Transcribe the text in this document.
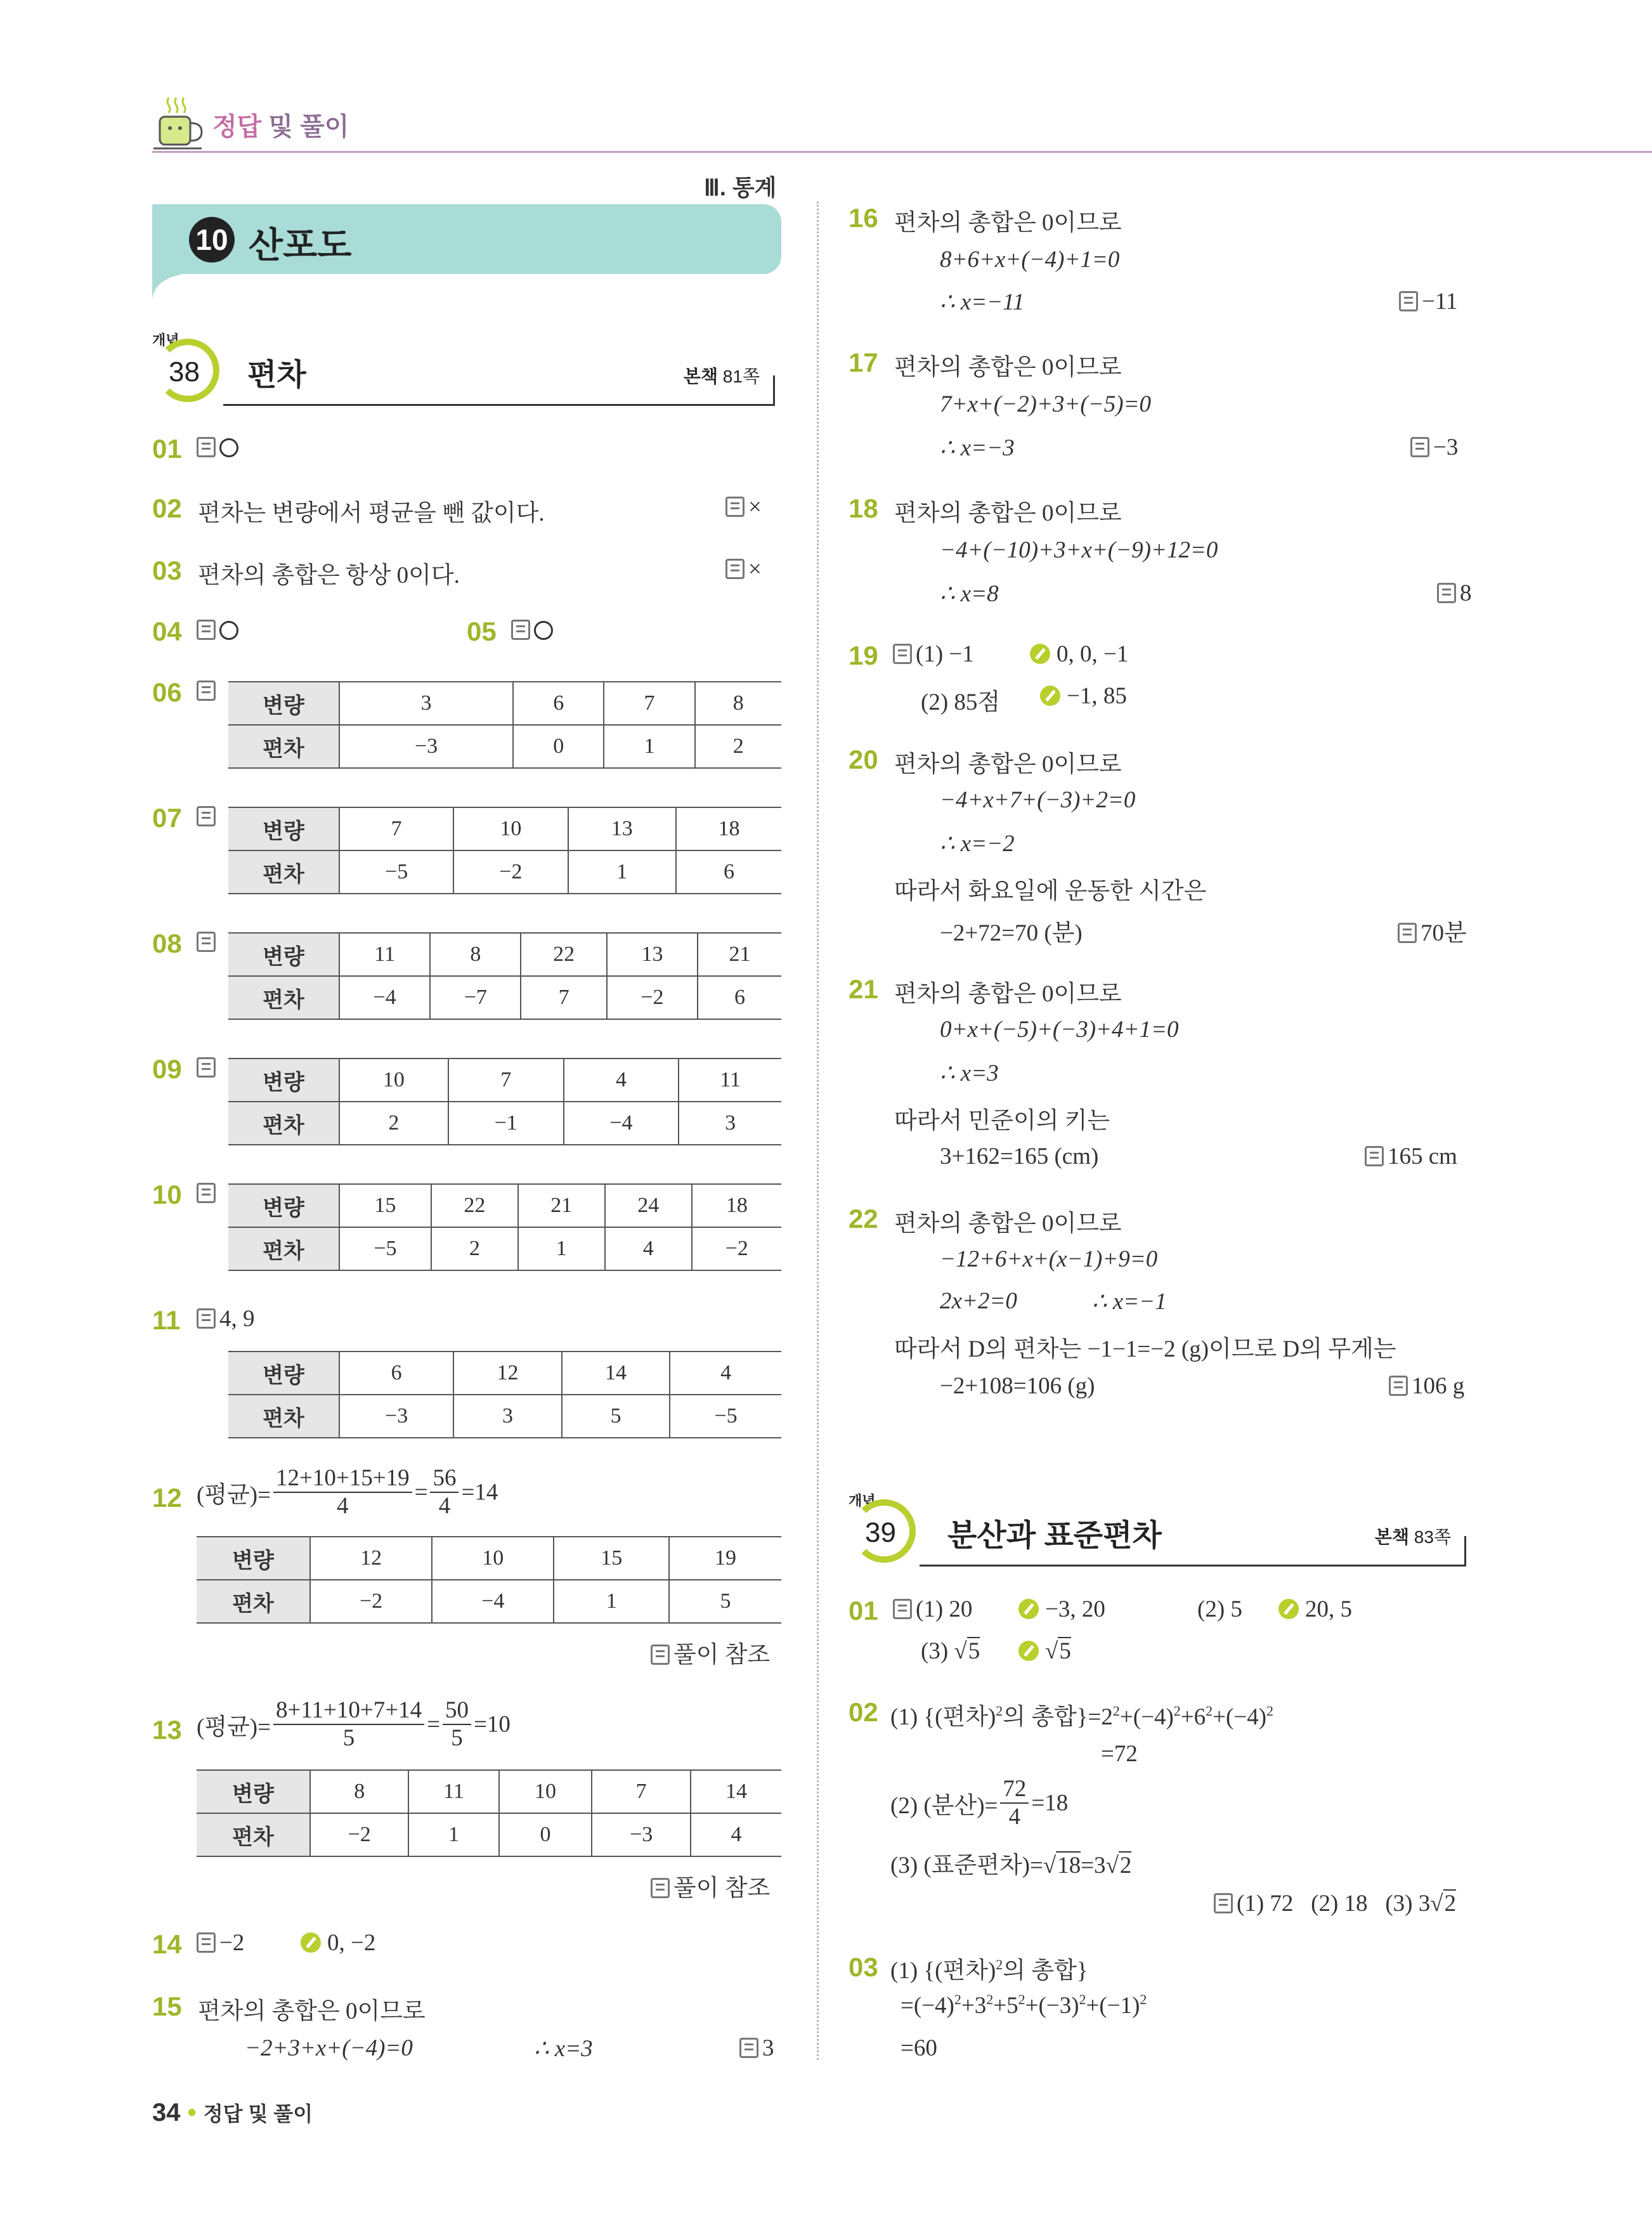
정답 및 풀이
Ⅲ. 통계
10 산포도
개념
38 편차	본책 81쪽
01
02 편차는 변량에서 평균을 뺀 값이다.	×
03 편차의 총합은 항상 0이다.	×
04	05
06	변량	3	6	7	8
편차	−3	0	1	2
07	변량	7	10	13	18
편차	−5	−2	1	6
08	변량	11	8	22	13	21
편차	−4	−7	7	−2	6
09	변량	10	7	4	11
편차	2	−1	−4	3
10	변량	15	22	21	24	18
편차	−5	2	1	4	−2
11	4, 9
변량	6	12	14	4
편차	−3	3	5	−5
12 (평균)= $\frac{12+10+15+19}{4} = \frac{56}{4} =14$
변량	12	10	15	19
편차	−2	−4	1	5
풀이 참조
13 (평균)= $\frac{8+11+10+7+14}{5} = \frac{50}{5} =10$
변량	8	11	10	7	14
편차	−2	1	0	−3	4
풀이 참조
14	−2	0, −2
15 편차의 총합은 0이므로
−2+3+x+(−4)=0	∴ x=3	3
16 편차의 총합은 0이므로
8+6+x+(−4)+1=0
∴ x=−11	−11
17 편차의 총합은 0이므로
7+x+(−2)+3+(−5)=0
∴ x=−3	−3
18 편차의 총합은 0이므로
−4+(−10)+3+x+(−9)+12=0
∴ x=8	8
19	(1) −1	0, 0, −1
(2) 85점	−1, 85
20 편차의 총합은 0이므로
−4+x+7+(−3)+2=0
∴ x=−2
따라서 화요일에 운동한 시간은
−2+72=70 (분)	70분
21 편차의 총합은 0이므로
0+x+(−5)+(−3)+4+1=0
∴ x=3
따라서 민준이의 키는
3+162=165 (cm)	165 cm
22 편차의 총합은 0이므로
−12+6+x+(x−1)+9=0
2x+2=0	∴ x=−1
따라서 D의 편차는 −1−1=−2 (g)이므로 D의 무게는
−2+108=106 (g)	106 g
개념
39 분산과 표준편차	본책 83쪽
01	(1) 20	−3, 20	(2) 5	20, 5
(3) √5	√5
02 (1) {(편차)$^2$의 총합}$=2^2+(-4)^2+6^2+(-4)^2$
=72
(2) (분산)= $\frac{72}{4} =18$
(3) (표준편차)=√18=3√2
(1) 72 (2) 18 (3) 3√2
03 (1) {(편차)$^2$의 총합}
$=(-4)^2+3^2+5^2+(-3)^2+(-1)^2$
=60
34 • 정답 및 풀이
